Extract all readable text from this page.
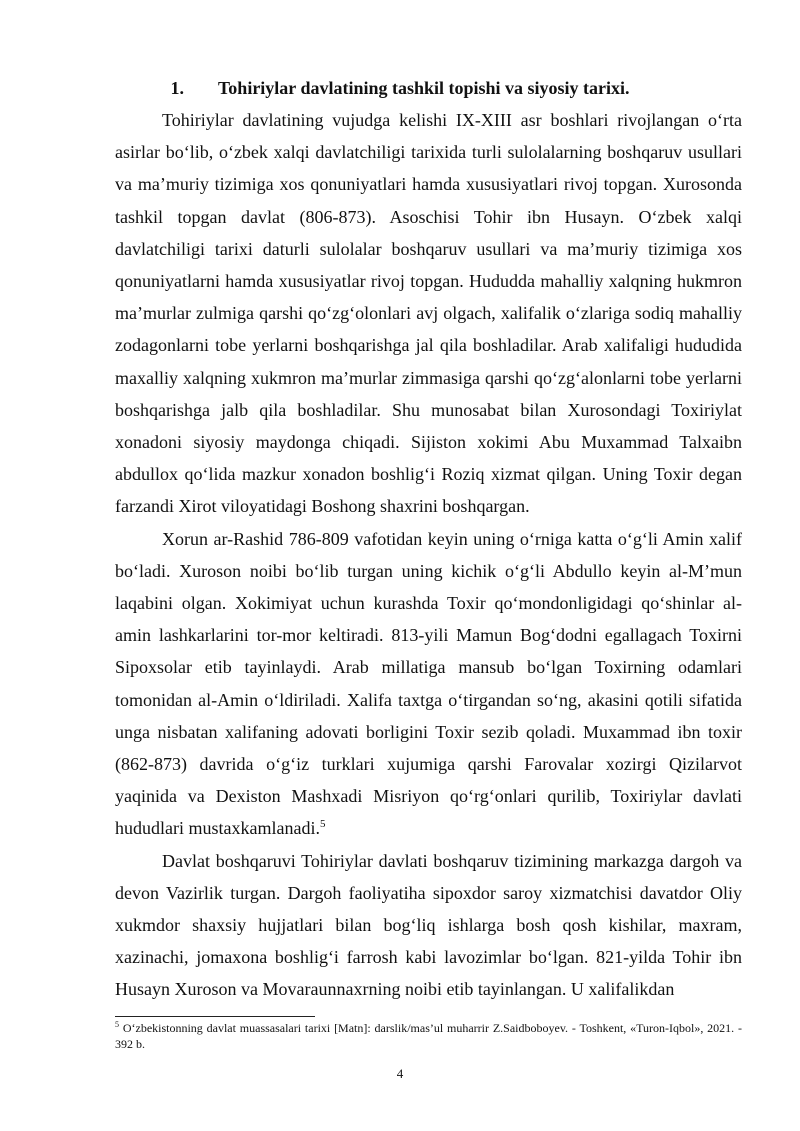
1. Tohiriylar davlatining tashkil topishi va siyosiy tarixi.

Tohiriylar davlatining vujudga kelishi IX-XIII asr boshlari rivojlangan o‘rta asirlar bo‘lib, o‘zbek xalqi davlatchiligi tarixida turli sulolalarning boshqaruv usullari va ma’muriy tizimiga xos qonuniyatlari hamda xususiyatlari rivoj topgan. Xurosonda tashkil topgan davlat (806-873). Asoschisi Tohir ibn Husayn. O‘zbek xalqi davlatchiligi tarixi daturli sulolalar boshqaruv usullari va ma’muriy tizimiga xos qonuniyatlarni hamda xususiyatlar rivoj topgan. Hududda mahalliy xalqning hukmron ma’murlar zulmiga qarshi qo‘zg‘olonlari avj olgach, xalifalik o‘zlariga sodiq mahalliy zodagonlarni tobe yerlarni boshqarishga jal qila boshladilar. Arab xalifaligi hududida maxalliy xalqning xukmron ma’murlar zimmasiga qarshi qo‘zg‘alonlarni tobe yerlarni boshqarishga jalb qila boshladilar. Shu munosabat bilan Xurosondagi Toxiriylat xonadoni siyosiy maydonga chiqadi. Sijiston xokimi Abu Muxammad Talxaibn abdullox qo‘lida mazkur xonadon boshlig‘i Roziq xizmat qilgan. Uning Toxir degan farzandi Xirot viloyatidagi Boshong shaxrini boshqargan.

Xorun ar-Rashid 786-809 vafotidan keyin uning o‘rniga katta o‘g‘li Amin xalif bo‘ladi. Xuroson noibi bo‘lib turgan uning kichik o‘g‘li Abdullo keyin al-M’mun laqabini olgan. Xokimiyat uchun kurashda Toxir qo‘mondonligidagi qo‘shinlar al-amin lashkarlarini tor-mor keltiradi. 813-yili Mamun Bog‘dodni egallagach Toxirni Sipoxsolar etib tayinlaydi. Arab millatiga mansub bo‘lgan Toxirning odamlari tomonidan al-Amin o‘ldiriladi. Xalifa taxtga o‘tirgandan so‘ng, akasini qotili sifatida unga nisbatan xalifaning adovati borligini Toxir sezib qoladi. Muxammad ibn toxir (862-873) davrida o‘g‘iz turklari xujumiga qarshi Farovalar xozirgi Qizilarvot yaqinida va Dexiston Mashxadi Misriyon qo‘rg‘onlari qurilib, Toxiriylar davlati hududlari mustaxkamlanadi.$^5$

Davlat boshqaruvi Tohiriylar davlati boshqaruv tizimining markazga dargoh va devon Vazirlik turgan. Dargoh faoliyatiha sipoxdor saroy xizmatchisi davatdor Oliy xukmdor shaxsiy hujjatlari bilan bog‘liq ishlarga bosh qosh kishilar, maxram, xazinachi, jomaxona boshlig‘i farrosh kabi lavozimlar bo‘lgan. 821-yilda Tohir ibn Husayn Xuroson va Movaraunnaxrning noibi etib tayinlangan. U xalifalikdan

$^5$ O‘zbekistonning davlat muassasalari tarixi [Matn]: darslik/mas’ul muharrir Z.Saidboboyev. - Toshkent, «Turon-Iqbol», 2021. - 392 b.
4
